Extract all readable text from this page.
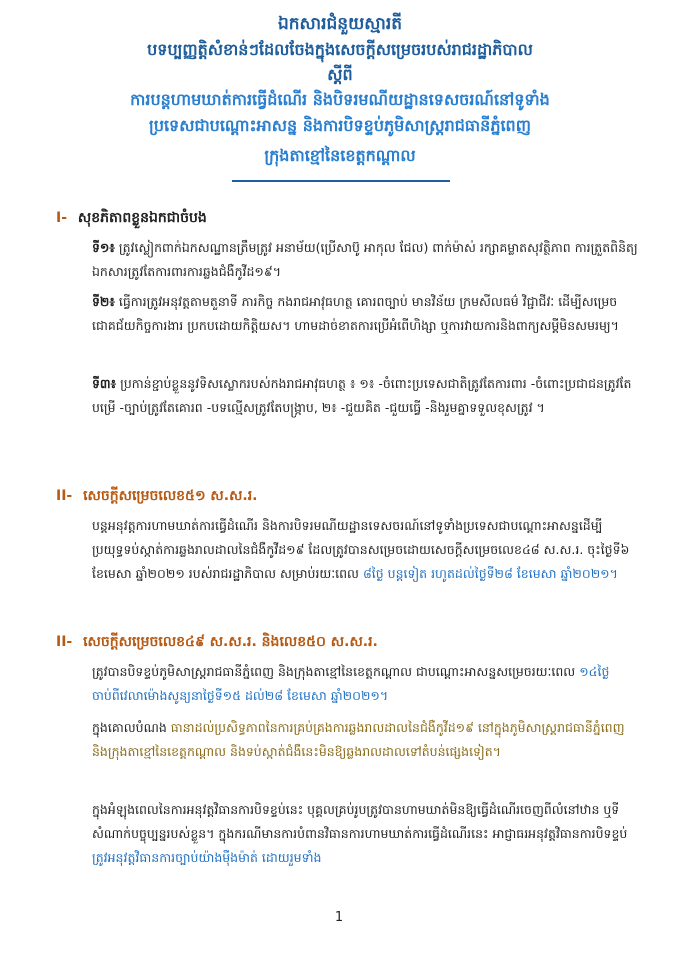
ឯកសារជំនួយស្មារតី
បទប្បញ្ញត្តិសំខាន់ៗដែលចែងក្នុងសេចក្ដីសម្រេចរបស់រាជរដ្ឋាភិបាល
ស្ដីពី
ការបន្តហាមឃាត់ការធ្វើដំណើរ និងបិទរមណីយដ្ឋានទេសចរណ៍នៅទូទាំង
ប្រទេសជាបណ្ដោះអាសន្ន និងការបិទខ្ទប់ភូមិសាស្ត្ររាជធានីភ្នំពេញ
ក្រុងតាខ្មៅនៃខេត្តកណ្ដាល
I- សុខភិតាពខ្លួនឯកជាចំបង
ទី១៖ ត្រូវស្លៀកពាក់ឯកសណ្ឋានត្រឹមត្រូវ អនាម័យ(ប្រើសាប៊ូ អាកុល ជែល) ពាក់ម៉ាស់ រក្សាគម្លាតសុវត្ថិភាព ការត្រួតពិនិត្យឯកសារត្រូវតែការពារការឆ្លងជំងឺកូវីដ១៩។
ទី២៖ ធ្វើការត្រូវអនុវត្តតាមតួនាទី ភារកិច្ច កងរាជអាវុធហត្ថ គោរពច្បាប់ មានវិន័យ ក្រមសីលធម៌ វិជ្ជាជីវៈ ដើម្បីសម្រេចជោគជ័យកិច្ចការងារ ប្រកបដោយកិត្តិយស។ ហាមដាច់ខាតការប្រើអំពើហិង្សា ឬការវាយការនិងពាក្យសម្ដីមិនសមរម្យ។
ទី៣៖ ប្រកាន់ខ្ជាប់ខ្លួននូវទិសស្លោករបស់កងរាជអាវុធហត្ថ ៖ ១៖ -ចំពោះប្រទេសជាតិត្រូវតែការពារ -ចំពោះប្រជាជនត្រូវតែបម្រើ -ច្បាប់ត្រូវតែគោរព -បទល្មើសត្រូវតែបង្ក្រាប, ២៖ -ជួយគិត -ជួយធ្វើ -និងរួមគ្នាទទួលខុសត្រូវ ។
II- សេចក្ដីសម្រេចលេខ៥១ ស.ស.រ.
បន្តអនុវត្តការហាមឃាត់ការធ្វើដំណើរ និងការបិទរមណីយដ្ឋានទេសចរណ៍នៅទូទាំងប្រទេសជាបណ្ដោះអាសន្នដើម្បីប្រយុទ្ធទប់ស្កាត់ការឆ្លងរាលដាលនៃជំងឺកូវីដ១៩ ដែលត្រូវបានសម្រេចដោយសេចក្ដីសម្រេចលេខ៤៨ ស.ស.រ. ចុះថ្ងៃទី៦ ខែមេសា ឆ្នាំ២០២១ របស់រាជរដ្ឋាភិបាល សម្រាប់រយៈពេល ៨ថ្ងៃ បន្តទៀត រហូតដល់ថ្ងៃទី២៨ ខែមេសា ឆ្នាំ២០២១។
II- សេចក្ដីសម្រេចលេខ៤៩ ស.ស.រ. និងលេខ៥០ ស.ស.រ.
ត្រូវបានបិទខ្ទប់ភូមិសាស្ត្ររាជធានីភ្នំពេញ និងក្រុងតាខ្មៅនៃខេត្តកណ្ដាល ជាបណ្ដោះអាសន្នសម្រេចរយៈពេល ១៤ថ្ងៃ ចាប់ពីវេលាម៉ោងសូន្យនាថ្ងៃទី១៥ ដល់២៨ ខែមេសា ឆ្នាំ២០២១។
ក្នុងគោលបំណង ធានាដល់ប្រសិទ្ធភាពនៃការគ្រប់គ្រងការឆ្លងរាលដាលនៃជំងឺកូវីដ១៩ នៅក្នុងភូមិសាស្ត្ររាជធានីភ្នំពេញ និងក្រុងតាខ្មៅនៃខេត្តកណ្ដាល និងទប់ស្កាត់ជំងឺនេះមិនឱ្យឆ្លងរាលដាលទៅតំបន់ផ្សេងទៀត។
ក្នុងអំឡុងពេលនៃការអនុវត្តវិធានការបិទខ្ទប់នេះ បុគ្គលគ្រប់រូបត្រូវបានហាមឃាត់មិនឱ្យធ្វើដំណើរចេញពីលំនៅឋាន ឬទីសំណាក់បច្ចុប្បន្នរបស់ខ្លួន។ ក្នុងករណីមានការបំពានវិធានការហាមឃាត់ការធ្វើដំណើរនេះ អាជ្ញាធរអនុវត្តវិធានការបិទខ្ទប់ ត្រូវអនុវត្តវិធានការច្បាប់យ៉ាងម៉ឺងម៉ាត់ ដោយរួមទាំង
1
